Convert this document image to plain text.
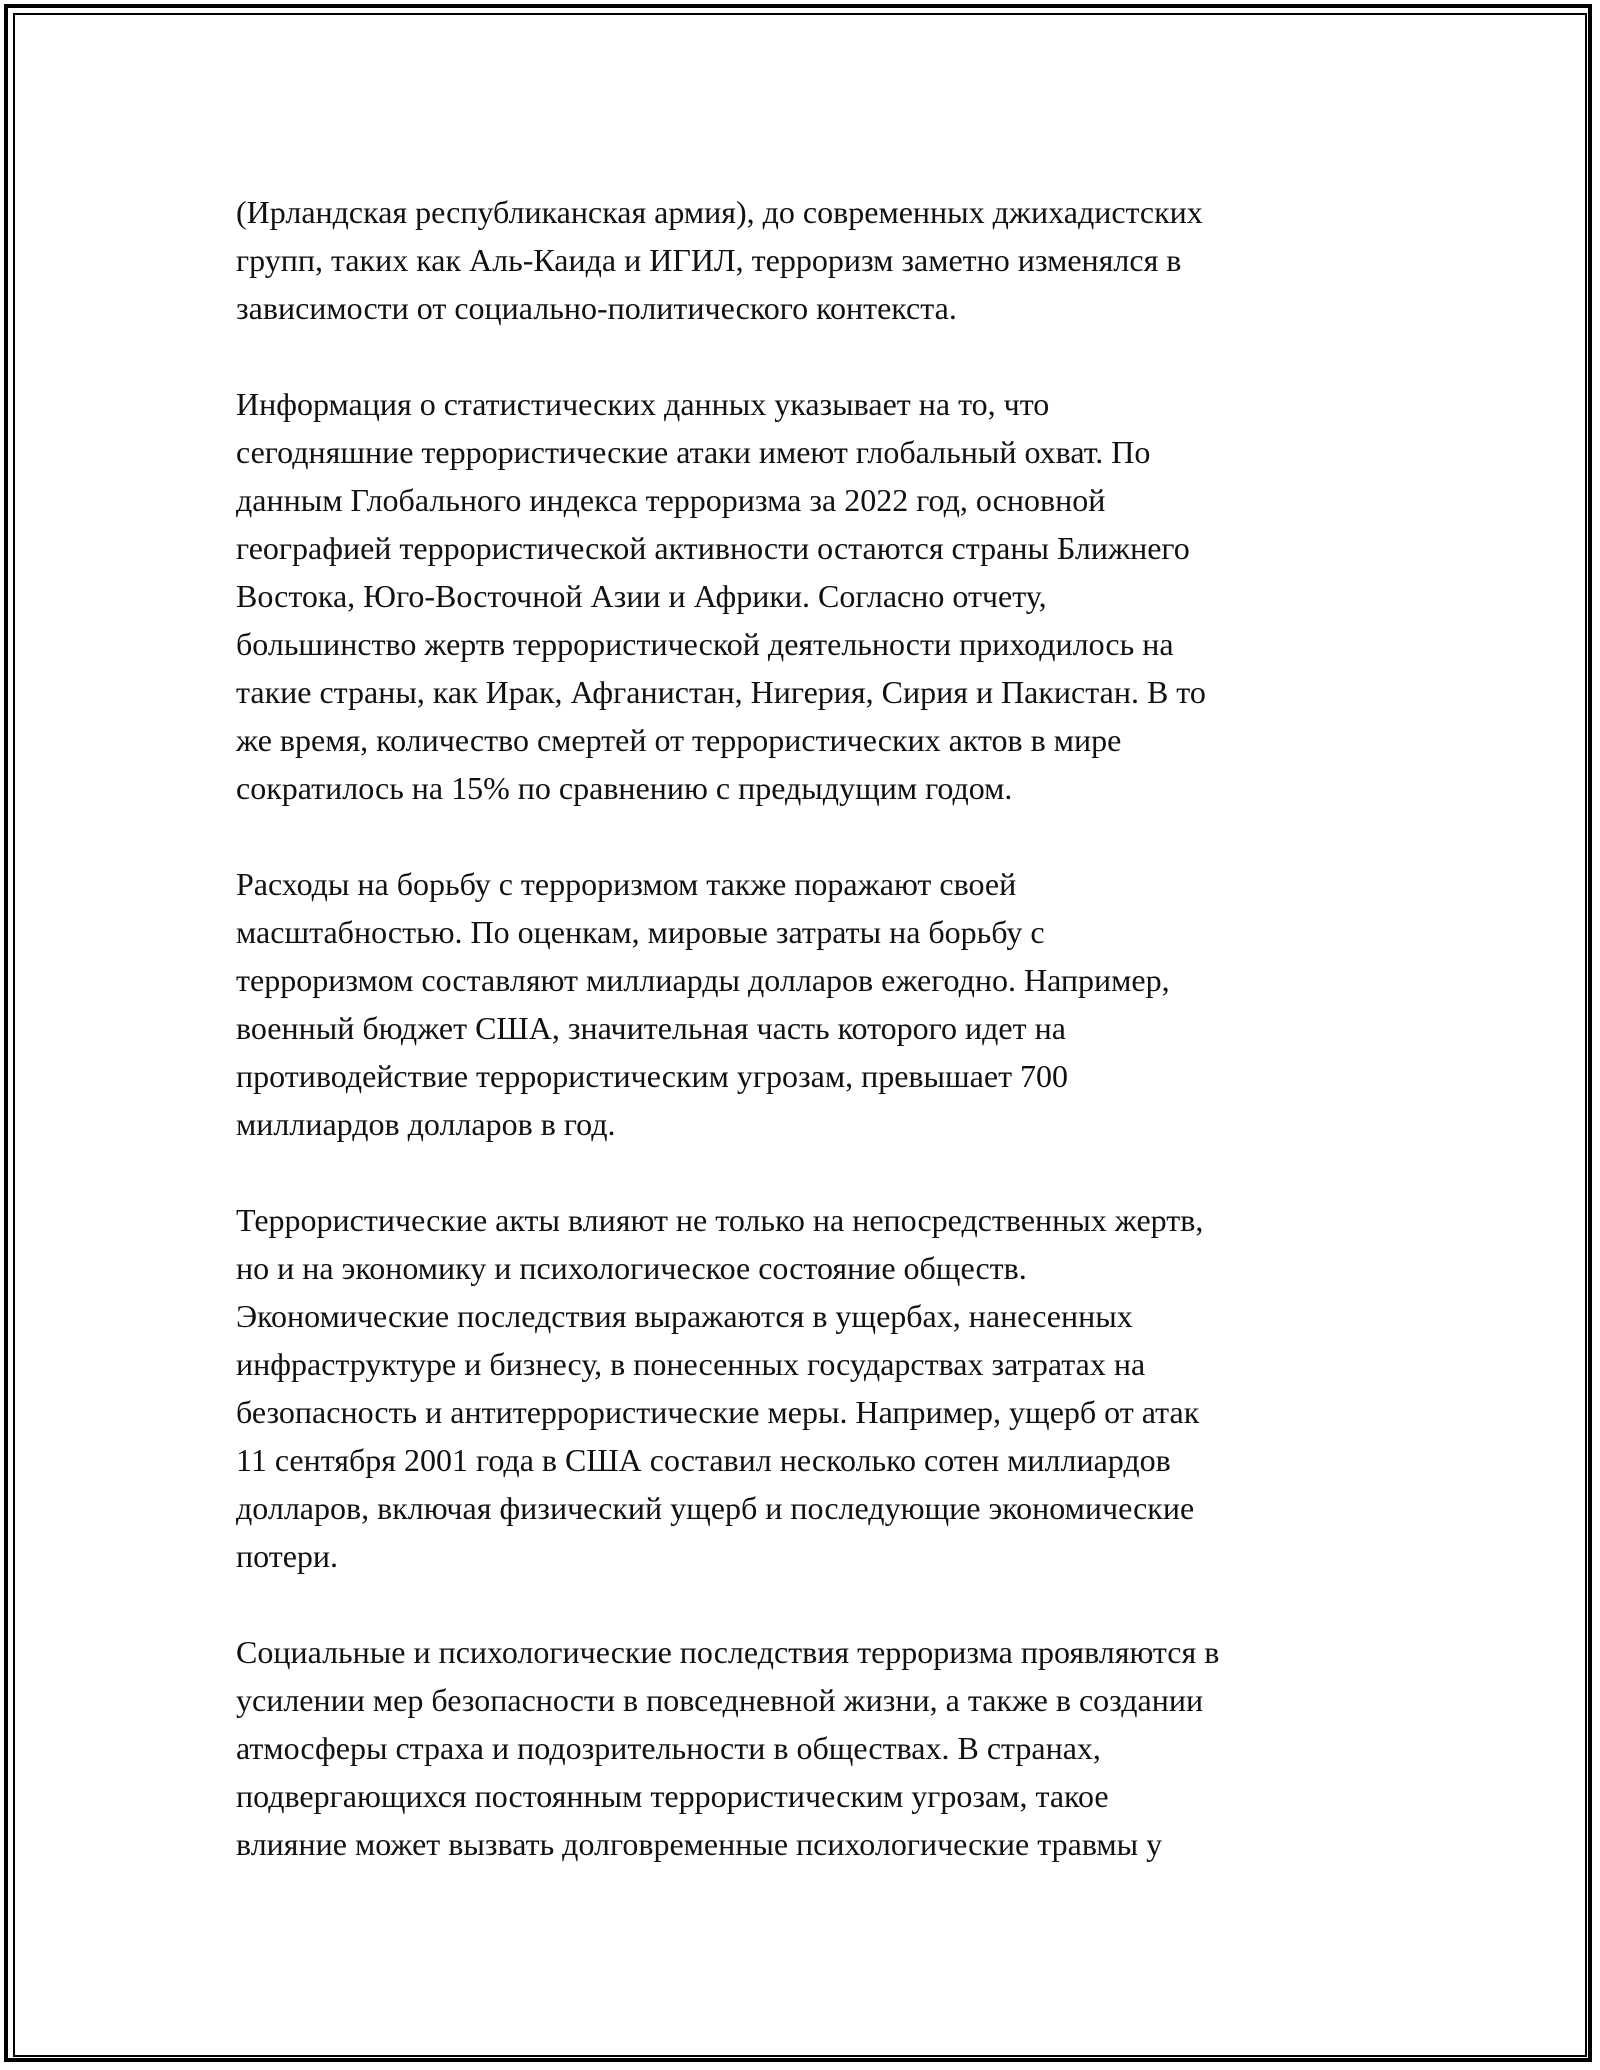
(Ирландская республиканская армия), до современных джихадистских
групп, таких как Аль-Каида и ИГИЛ, терроризм заметно изменялся в
зависимости от социально-политического контекста.

Информация о статистических данных указывает на то, что
сегодняшние террористические атаки имеют глобальный охват. По
данным Глобального индекса терроризма за 2022 год, основной
географией террористической активности остаются страны Ближнего
Востока, Юго-Восточной Азии и Африки. Согласно отчету,
большинство жертв террористической деятельности приходилось на
такие страны, как Ирак, Афганистан, Нигерия, Сирия и Пакистан. В то
же время, количество смертей от террористических актов в мире
сократилось на 15% по сравнению с предыдущим годом.

Расходы на борьбу с терроризмом также поражают своей
масштабностью. По оценкам, мировые затраты на борьбу с
терроризмом составляют миллиарды долларов ежегодно. Например,
военный бюджет США, значительная часть которого идет на
противодействие террористическим угрозам, превышает 700
миллиардов долларов в год.

Террористические акты влияют не только на непосредственных жертв,
но и на экономику и психологическое состояние обществ.
Экономические последствия выражаются в ущербах, нанесенных
инфраструктуре и бизнесу, в понесенных государствах затратах на
безопасность и антитеррористические меры. Например, ущерб от атак
11 сентября 2001 года в США составил несколько сотен миллиардов
долларов, включая физический ущерб и последующие экономические
потери.

Социальные и психологические последствия терроризма проявляются в
усилении мер безопасности в повседневной жизни, а также в создании
атмосферы страха и подозрительности в обществах. В странах,
подвергающихся постоянным террористическим угрозам, такое
влияние может вызвать долговременные психологические травмы у
